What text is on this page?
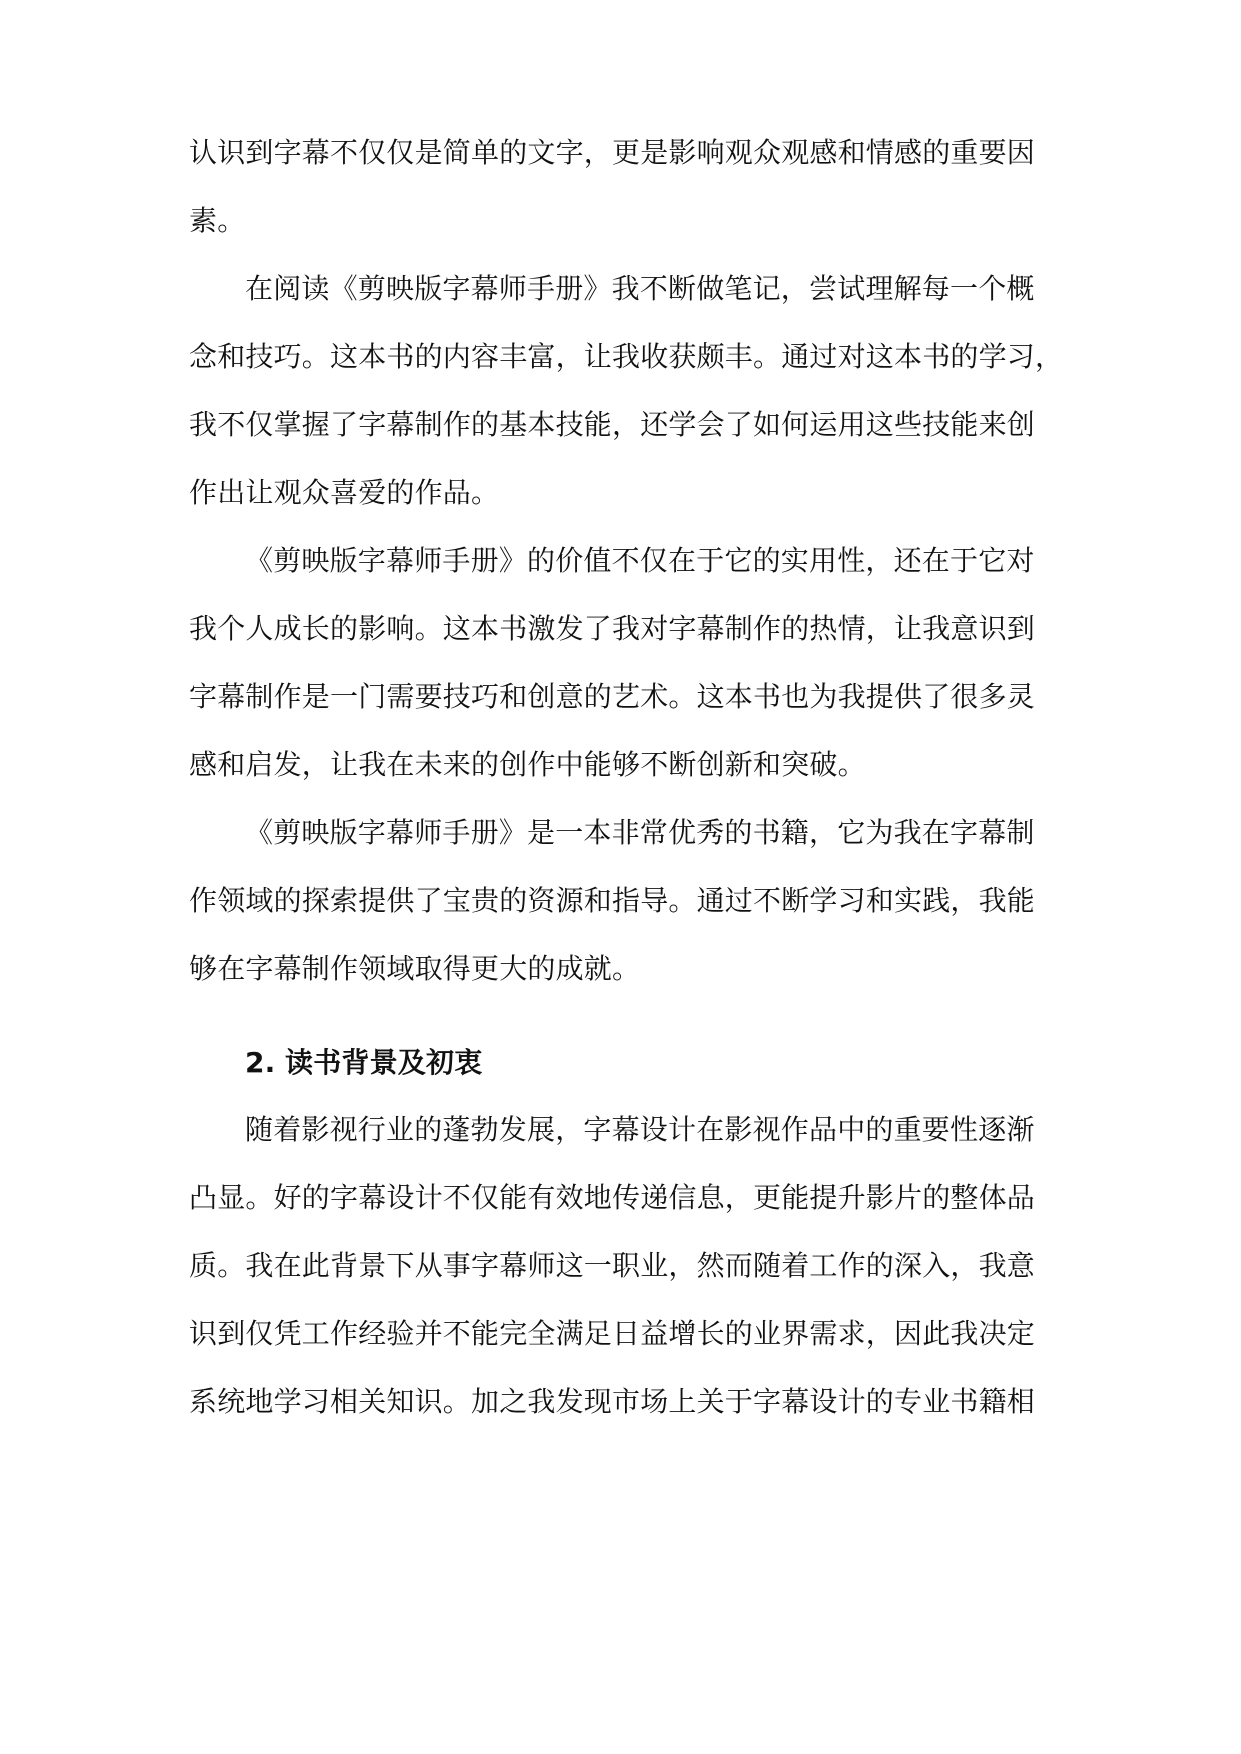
认识到字幕不仅仅是简单的文字，更是影响观众观感和情感的重要因
素。
在阅读《剪映版字幕师手册》我不断做笔记，尝试理解每一个概
念和技巧。这本书的内容丰富，让我收获颇丰。通过对这本书的学习，
我不仅掌握了字幕制作的基本技能，还学会了如何运用这些技能来创
作出让观众喜爱的作品。
《剪映版字幕师手册》的价值不仅在于它的实用性，还在于它对
我个人成长的影响。这本书激发了我对字幕制作的热情，让我意识到
字幕制作是一门需要技巧和创意的艺术。这本书也为我提供了很多灵
感和启发，让我在未来的创作中能够不断创新和突破。
《剪映版字幕师手册》是一本非常优秀的书籍，它为我在字幕制
作领域的探索提供了宝贵的资源和指导。通过不断学习和实践，我能
够在字幕制作领域取得更大的成就。
2. 读书背景及初衷
随着影视行业的蓬勃发展，字幕设计在影视作品中的重要性逐渐
凸显。好的字幕设计不仅能有效地传递信息，更能提升影片的整体品
质。我在此背景下从事字幕师这一职业，然而随着工作的深入，我意
识到仅凭工作经验并不能完全满足日益增长的业界需求，因此我决定
系统地学习相关知识。加之我发现市场上关于字幕设计的专业书籍相
